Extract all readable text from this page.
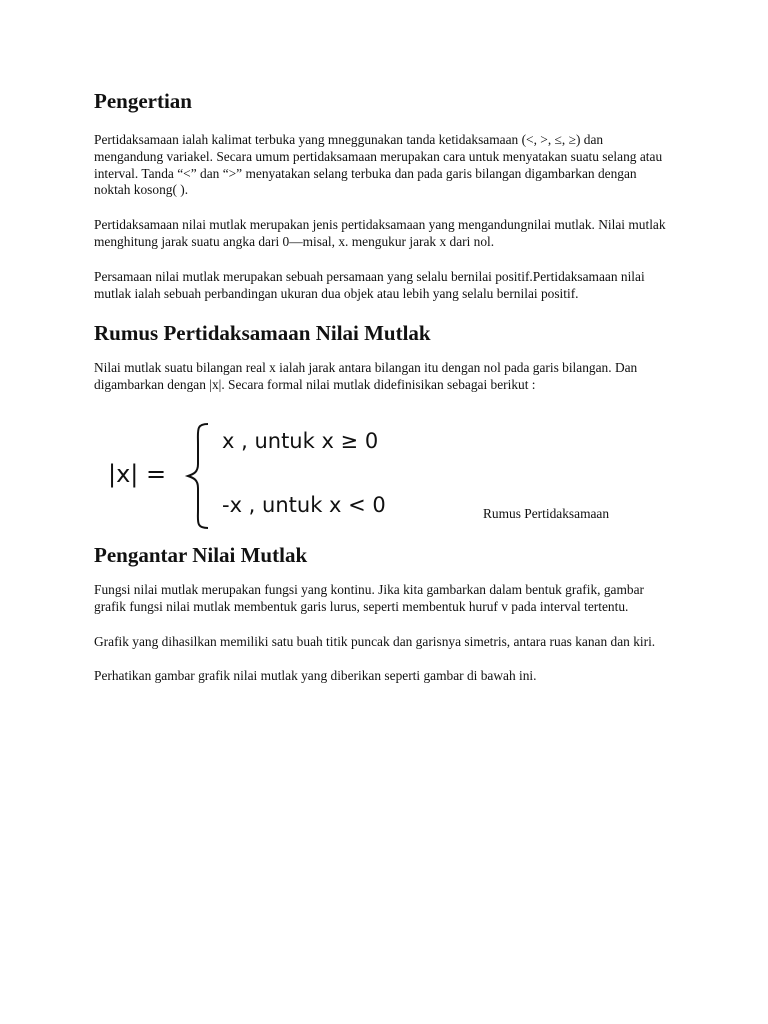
Pengertian

Pertidaksamaan ialah kalimat terbuka yang mneggunakan tanda ketidaksamaan (<, >, ≤, ≥) dan mengandung variakel. Secara umum pertidaksamaan merupakan cara untuk menyatakan suatu selang atau interval. Tanda “<” dan “>” menyatakan selang terbuka dan pada garis bilangan digambarkan dengan noktah kosong( ).

Pertidaksamaan nilai mutlak merupakan jenis pertidaksamaan yang mengandungnilai mutlak. Nilai mutlak menghitung jarak suatu angka dari 0—misal, x. mengukur jarak x dari nol.

Persamaan nilai mutlak merupakan sebuah persamaan yang selalu bernilai positif.Pertidaksamaan nilai mutlak ialah sebuah perbandingan ukuran dua objek atau lebih yang selalu bernilai positif.

Rumus Pertidaksamaan Nilai Mutlak

Nilai mutlak suatu bilangan real x ialah jarak antara bilangan itu dengan nol pada garis bilangan. Dan digambarkan dengan |x|. Secara formal nilai mutlak didefinisikan sebagai berikut :

|x| =
x , untuk x ≥ 0
-x , untuk x < 0	Rumus Pertidaksamaan
Pengantar Nilai Mutlak

Fungsi nilai mutlak merupakan fungsi yang kontinu. Jika kita gambarkan dalam bentuk grafik, gambar grafik fungsi nilai mutlak membentuk garis lurus, seperti membentuk huruf v pada interval tertentu.

Grafik yang dihasilkan memiliki satu buah titik puncak dan garisnya simetris, antara ruas kanan dan kiri.

Perhatikan gambar grafik nilai mutlak yang diberikan seperti gambar di bawah ini.
